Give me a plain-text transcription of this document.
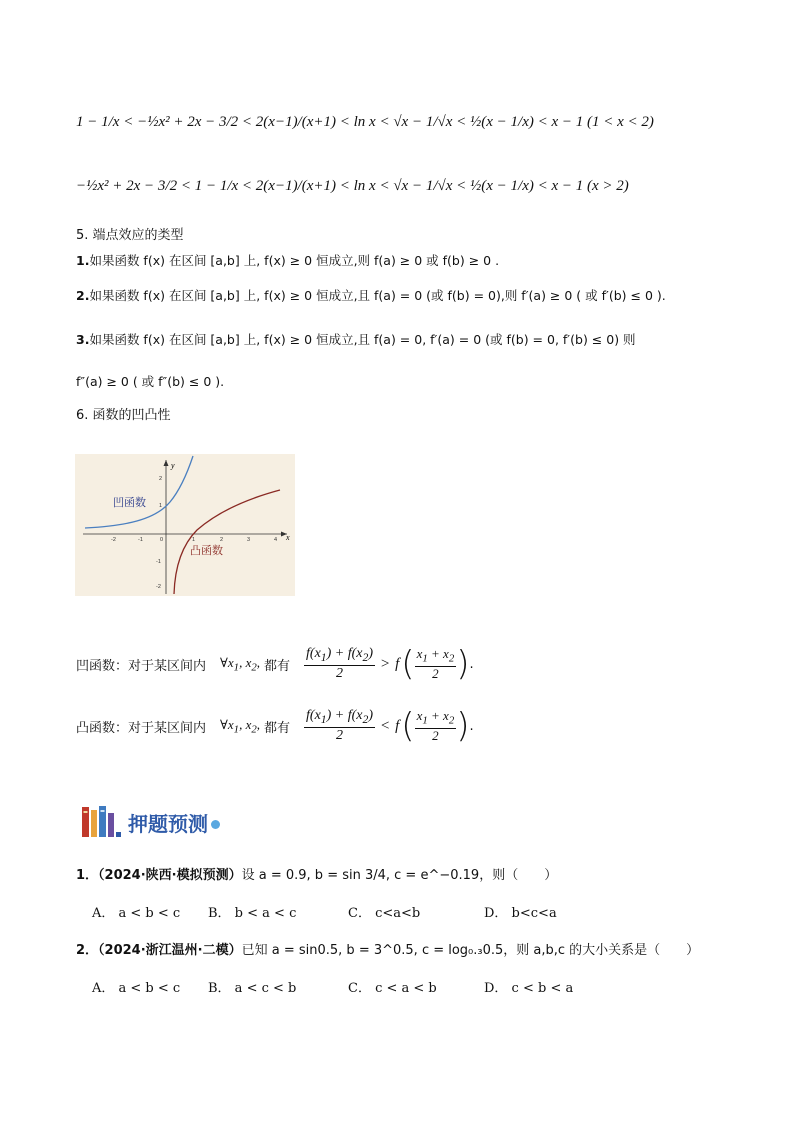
1 − 1/x < −½x² + 2x − 3/2 < 2(x−1)/(x+1) < ln x < √x − 1/√x < ½(x − 1/x) < x − 1 (1 < x < 2)
−½x² + 2x − 3/2 < 1 − 1/x < 2(x−1)/(x+1) < ln x < √x − 1/√x < ½(x − 1/x) < x − 1 (x > 2)
5. 端点效应的类型
1.如果函数 f(x) 在区间 [a,b] 上, f(x) ≥ 0 恒成立,则 f(a) ≥ 0 或 f(b) ≥ 0 .
2.如果函数 f(x) 在区间 [a,b] 上, f(x) ≥ 0 恒成立,且 f(a) = 0 (或 f(b) = 0),则 f′(a) ≥ 0 ( 或 f′(b) ≤ 0 ).
3.如果函数 f(x) 在区间 [a,b] 上, f(x) ≥ 0 恒成立,且 f(a) = 0, f′(a) = 0 (或 f(b) = 0, f′(b) ≤ 0) 则
f″(a) ≥ 0 ( 或 f″(b) ≤ 0 ).
6. 函数的凹凸性
x
y
-2	-1	0	1	2	3	4
2
1
-1
-2
凹函数
凸函数
凹函数：对于某区间内 $\forall x_1$, $x_2$, 都有 $\frac{f(x_1) + f(x_2)}{2} > f$ ( $\frac{x_1 + x_2}{2}$ ) .
凸函数：对于某区间内 $\forall x_1$, $x_2$, 都有 $\frac{f(x_1) + f(x_2)}{2} < f$ ( $\frac{x_1 + x_2}{2}$ ) .
押题预测
1．（2024·陕西·模拟预测）设 a = 0.9, b = sin 3/4, c = e^−0.19，则（　　）
A． a < b < c B． b < a < c	C． c<a<b	D． b<c<a
2．（2024·浙江温州·二模）已知 a = sin0.5, b = 3^0.5, c = log₀.₃0.5，则 a,b,c 的大小关系是（　　）
A． a < b < c B． a < c < b	C． c < a < b	D． c < b < a
